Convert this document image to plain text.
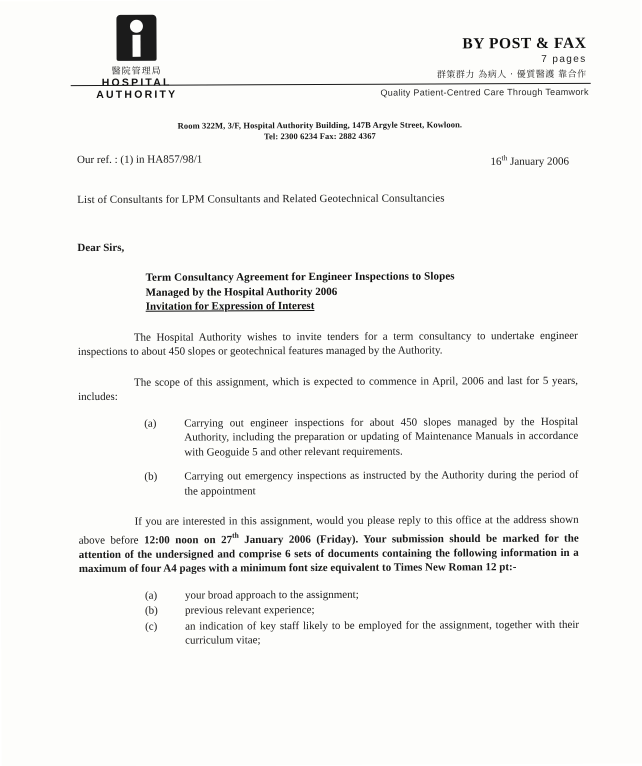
醫院管理局
HOSPITAL
AUTHORITY
BY POST & FAX
7 pages
群策群力 為病人 ‧ 優質醫護 靠合作
Quality Patient-Centred Care Through Teamwork
Room 322M, 3/F, Hospital Authority Building, 147B Argyle Street, Kowloon.
Tel: 2300 6234 Fax: 2882 4367
Our ref. : (1) in HA857/98/1	16th January 2006
List of Consultants for LPM Consultants and Related Geotechnical Consultancies
Dear Sirs,
Term Consultancy Agreement for Engineer Inspections to Slopes
Managed by the Hospital Authority 2006
Invitation for Expression of Interest
The Hospital Authority wishes to invite tenders for a term consultancy to undertake engineer inspections to about 450 slopes or geotechnical features managed by the Authority.
The scope of this assignment, which is expected to commence in April, 2006 and last for 5 years, includes:
(a)	Carrying out engineer inspections for about 450 slopes managed by the Hospital Authority, including the preparation or updating of Maintenance Manuals in accordance with Geoguide 5 and other relevant requirements.
(b)	Carrying out emergency inspections as instructed by the Authority during the period of the appointment
If you are interested in this assignment, would you please reply to this office at the address shown above before 12:00 noon on 27th January 2006 (Friday). Your submission should be marked for the attention of the undersigned and comprise 6 sets of documents containing the following information in a maximum of four A4 pages with a minimum font size equivalent to Times New Roman 12 pt:-
(a)	your broad approach to the assignment;
(b)	previous relevant experience;
(c)	an indication of key staff likely to be employed for the assignment, together with their curriculum vitae;
